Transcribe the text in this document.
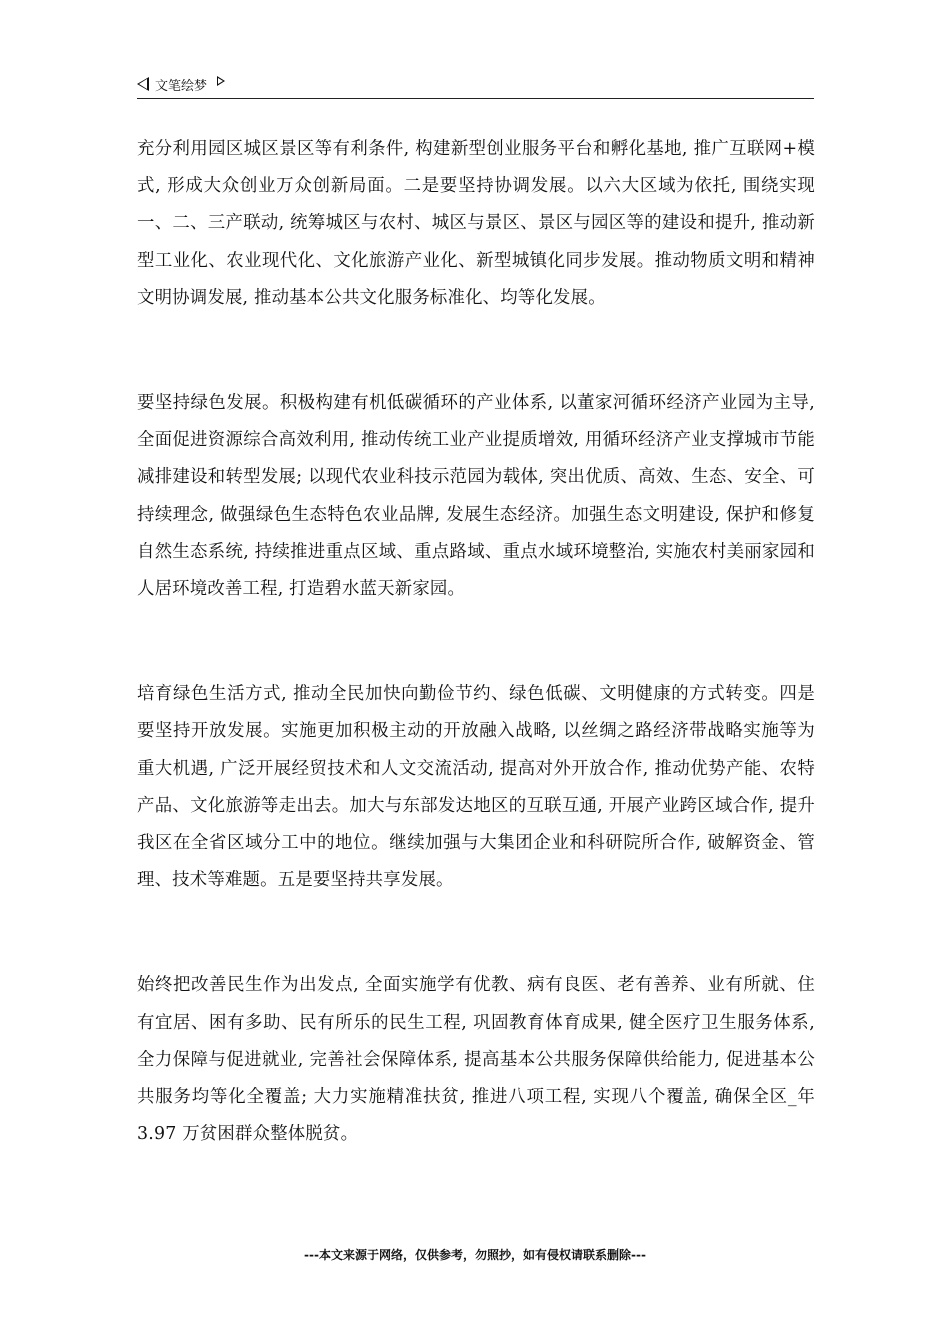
文笔绘梦

充分利用园区城区景区等有利条件, 构建新型创业服务平台和孵化基地, 推广互联网+模式, 形成大众创业万众创新局面。二是要坚持协调发展。以六大区域为依托, 围绕实现一、二、三产联动, 统筹城区与农村、城区与景区、景区与园区等的建设和提升, 推动新型工业化、农业现代化、文化旅游产业化、新型城镇化同步发展。推动物质文明和精神文明协调发展, 推动基本公共文化服务标准化、均等化发展。

要坚持绿色发展。积极构建有机低碳循环的产业体系, 以董家河循环经济产业园为主导, 全面促进资源综合高效利用, 推动传统工业产业提质增效, 用循环经济产业支撑城市节能减排建设和转型发展; 以现代农业科技示范园为载体, 突出优质、高效、生态、安全、可持续理念, 做强绿色生态特色农业品牌, 发展生态经济。加强生态文明建设, 保护和修复自然生态系统, 持续推进重点区域、重点路域、重点水域环境整治, 实施农村美丽家园和人居环境改善工程, 打造碧水蓝天新家园。

培育绿色生活方式, 推动全民加快向勤俭节约、绿色低碳、文明健康的方式转变。四是要坚持开放发展。实施更加积极主动的开放融入战略, 以丝绸之路经济带战略实施等为重大机遇, 广泛开展经贸技术和人文交流活动, 提高对外开放合作, 推动优势产能、农特产品、文化旅游等走出去。加大与东部发达地区的互联互通, 开展产业跨区域合作, 提升我区在全省区域分工中的地位。继续加强与大集团企业和科研院所合作, 破解资金、管理、技术等难题。五是要坚持共享发展。

始终把改善民生作为出发点, 全面实施学有优教、病有良医、老有善养、业有所就、住有宜居、困有多助、民有所乐的民生工程, 巩固教育体育成果, 健全医疗卫生服务体系, 全力保障与促进就业, 完善社会保障体系, 提高基本公共服务保障供给能力, 促进基本公共服务均等化全覆盖; 大力实施精准扶贫, 推进八项工程, 实现八个覆盖, 确保全区_年 3.97 万贫困群众整体脱贫。

---本文来源于网络，仅供参考，勿照抄，如有侵权请联系删除---
